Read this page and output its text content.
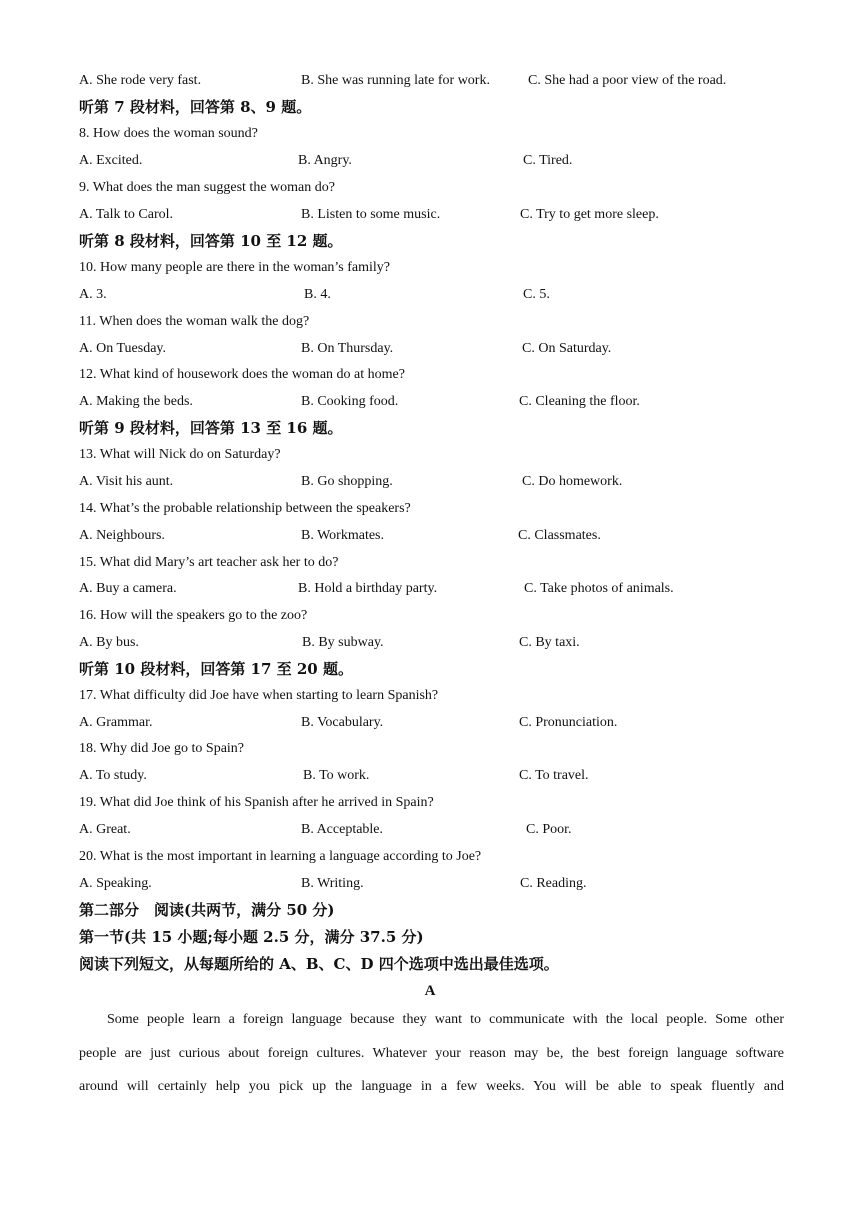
A. She rode very fast.	B. She was running late for work.	C. She had a poor view of the road.
听第 7 段材料，回答第 8、9 题。
8. How does the woman sound?
A. Excited.	B. Angry.	C. Tired.
9. What does the man suggest the woman do?
A. Talk to Carol.	B. Listen to some music.	C. Try to get more sleep.
听第 8 段材料，回答第 10 至 12 题。
10. How many people are there in the woman’s family?
A. 3.	B. 4.	C. 5.
11. When does the woman walk the dog?
A. On Tuesday.	B. On Thursday.	C. On Saturday.
12. What kind of housework does the woman do at home?
A. Making the beds.	B. Cooking food.	C. Cleaning the floor.
听第 9 段材料，回答第 13 至 16 题。
13. What will Nick do on Saturday?
A. Visit his aunt.	B. Go shopping.	C. Do homework.
14. What’s the probable relationship between the speakers?
A. Neighbours.	B. Workmates.	C. Classmates.
15. What did Mary’s art teacher ask her to do?
A. Buy a camera.	B. Hold a birthday party.	C. Take photos of animals.
16. How will the speakers go to the zoo?
A. By bus.	B. By subway.	C. By taxi.
听第 10 段材料，回答第 17 至 20 题。
17. What difficulty did Joe have when starting to learn Spanish?
A. Grammar.	B. Vocabulary.	C. Pronunciation.
18. Why did Joe go to Spain?
A. To study.	B. To work.	C. To travel.
19. What did Joe think of his Spanish after he arrived in Spain?
A. Great.	B. Acceptable.	C. Poor.
20. What is the most important in learning a language according to Joe?
A. Speaking.	B. Writing.	C. Reading.
第二部分　阅读(共两节，满分 50 分)
第一节(共 15 小题;每小题 2.5 分，满分 37.5 分)
阅读下列短文，从每题所给的 A、B、C、D 四个选项中选出最佳选项。
A
Some people learn a foreign language because they want to communicate with the local people. Some other
people are just curious about foreign cultures. Whatever your reason may be, the best foreign language software
around will certainly help you pick up the language in a few weeks. You will be able to speak fluently and
